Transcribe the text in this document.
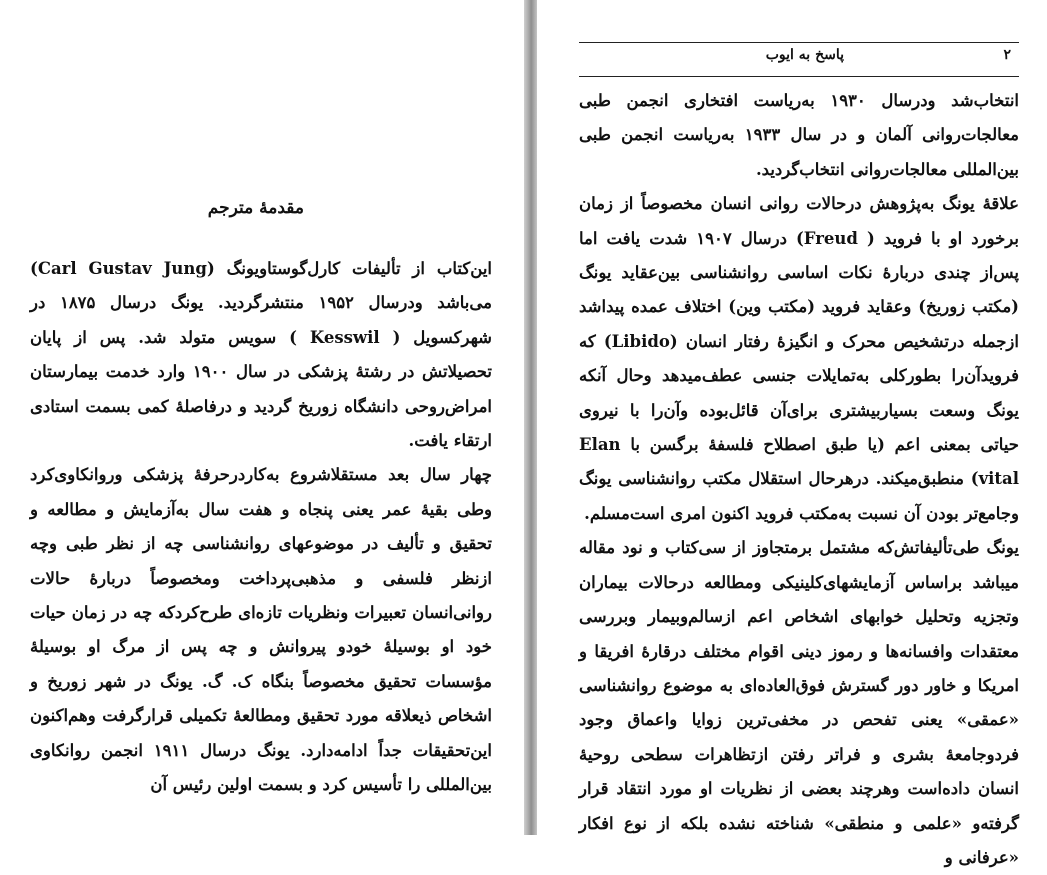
۲
پاسخ به ایوب

انتخاب‌شد ودرسال ۱۹۳۰ به‌ریاست افتخاری انجمن طبی معالجات‌روانی آلمان و در سال ۱۹۳۳ به‌ریاست انجمن طبی بین‌المللی معالجات‌روانی انتخاب‌گردید.

علاقهٔ یونگ به‌پژوهش درحالات روانی انسان مخصوصاً از زمان برخورد او با فروید ( Freud) درسال ۱۹۰۷ شدت یافت اما پس‌از چندی دربارهٔ نکات اساسی روانشناسی بین‌عقاید یونگ (مکتب زوریخ) وعقاید فروید (مکتب وین) اختلاف عمده پیداشد ازجمله درتشخیص محرک و انگیزهٔ رفتار انسان (Libido) که فرویدآن‌را بطورکلی به‌تمایلات جنسی عطف‌میدهد وحال آنکه یونگ وسعت بسیاربیشتری برای‌آن قائل‌بوده وآن‌را با نیروی حیاتی بمعنی اعم (یا طبق اصطلاح فلسفهٔ برگسن با Elan vital) منطبق‌میکند. درهرحال استقلال مکتب روانشناسی یونگ وجامع‌تر بودن آن نسبت به‌مکتب فروید اکنون امری است‌مسلم.

یونگ طی‌تألیفاتش‌که مشتمل برمتجاوز از سی‌کتاب و نود مقاله میباشد براساس آزمایشهای‌کلینیکی ومطالعه درحالات بیماران وتجزیه وتحلیل خوابهای اشخاص اعم ازسالم‌وبیمار وبررسی معتقدات وافسانه‌ها و رموز دینی اقوام مختلف درقارهٔ افریقا و امریکا و خاور دور گسترش فوق‌العاده‌ای به موضوع روانشناسی «عمقی» یعنی تفحص در مخفی‌ترین زوایا واعماق وجود فردوجامعهٔ بشری و فراتر رفتن ازتظاهرات سطحی روحیهٔ انسان داده‌است وهرچند بعضی از نظریات او مورد انتقاد قرار گرفته‌و «علمی و منطقی» شناخته نشده بلکه از نوع افکار «عرفانی و

مقدمهٔ مترجم

این‌کتاب از تألیفات کارل‌گوستاویونگ (Carl Gustav Jung) می‌باشد ودرسال ۱۹۵۲ منتشرگردید. یونگ درسال ۱۸۷۵ در شهرکسویل ( Kesswil ) سویس متولد شد. پس از پایان تحصیلاتش در رشتهٔ پزشکی در سال ۱۹۰۰ وارد خدمت بیمارستان امراض‌روحی دانشگاه زوریخ گردید و درفاصلهٔ کمی بسمت استادی ارتقاء یافت.

چهار سال بعد مستقلاشروع به‌کاردرحرفهٔ پزشکی وروانکاوی‌کرد وطی بقیهٔ عمر یعنی پنجاه و هفت سال به‌آزمایش و مطالعه و تحقیق و تألیف در موضوعهای روانشناسی چه از نظر طبی وچه ازنظر فلسفی و مذهبی‌پرداخت ومخصوصاً دربارهٔ حالات روانی‌انسان تعبیرات ونظریات تازه‌ای طرح‌کردکه چه در زمان حیات خود او بوسیلهٔ خودو پیروانش و چه پس از مرگ او بوسیلهٔ مؤسسات تحقیق مخصوصاً بنگاه ک. گ. یونگ در شهر زوریخ و اشخاص ذیعلاقه مورد تحقیق ومطالعهٔ تکمیلی قرارگرفت وهم‌اکنون این‌تحقیقات جداً ادامه‌دارد. یونگ درسال ۱۹۱۱ انجمن روانکاوی بین‌المللی را تأسیس کرد و بسمت اولین رئیس آن
